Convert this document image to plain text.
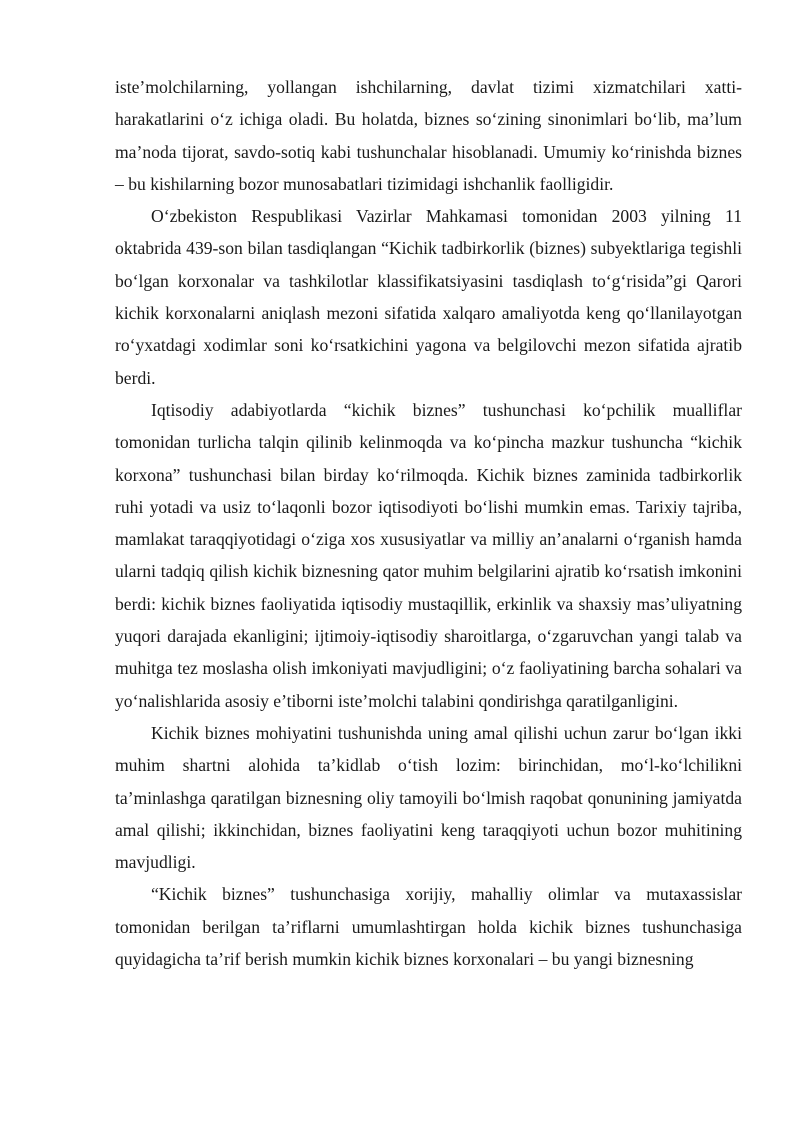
iste’molchilarning, yollangan ishchilarning, davlat tizimi xizmatchilari xatti-harakatlarini o‘z ichiga oladi. Bu holatda, biznes so‘zining sinonimlari bo‘lib, ma’lum ma’noda tijorat, savdo-sotiq kabi tushunchalar hisoblanadi. Umumiy ko‘rinishda biznes – bu kishilarning bozor munosabatlari tizimidagi ishchanlik faolligidir.

O‘zbekiston Respublikasi Vazirlar Mahkamasi tomonidan 2003 yilning 11 oktabrida 439-son bilan tasdiqlangan “Kichik tadbirkorlik (biznes) subyektlariga tegishli bo‘lgan korxonalar va tashkilotlar klassifikatsiyasini tasdiqlash to‘g‘risida”gi Qarori kichik korxonalarni aniqlash mezoni sifatida xalqaro amaliyotda keng qo‘llanilayotgan ro‘yxatdagi xodimlar soni ko‘rsatkichini yagona va belgilovchi mezon sifatida ajratib berdi.

Iqtisodiy adabiyotlarda “kichik biznes” tushunchasi ko‘pchilik mualliflar tomonidan turlicha talqin qilinib kelinmoqda va ko‘pincha mazkur tushuncha “kichik korxona” tushunchasi bilan birday ko‘rilmoqda. Kichik biznes zaminida tadbirkorlik ruhi yotadi va usiz to‘laqonli bozor iqtisodiyoti bo‘lishi mumkin emas. Tarixiy tajriba, mamlakat taraqqiyotidagi o‘ziga xos xususiyatlar va milliy an’analarni o‘rganish hamda ularni tadqiq qilish kichik biznesning qator muhim belgilarini ajratib ko‘rsatish imkonini berdi: kichik biznes faoliyatida iqtisodiy mustaqillik, erkinlik va shaxsiy mas’uliyatning yuqori darajada ekanligini; ijtimoiy-iqtisodiy sharoitlarga, o‘zgaruvchan yangi talab va muhitga tez moslasha olish imkoniyati mavjudligini; o‘z faoliyatining barcha sohalari va yo‘nalishlarida asosiy e’tiborni iste’molchi talabini qondirishga qaratilganligini.

Kichik biznes mohiyatini tushunishda uning amal qilishi uchun zarur bo‘lgan ikki muhim shartni alohida ta’kidlab o‘tish lozim: birinchidan, mo‘l-ko‘lchilikni ta’minlashga qaratilgan biznesning oliy tamoyili bo‘lmish raqobat qonunining jamiyatda amal qilishi; ikkinchidan, biznes faoliyatini keng taraqqiyoti uchun bozor muhitining mavjudligi.

“Kichik biznes” tushunchasiga xorijiy, mahalliy olimlar va mutaxassislar tomonidan berilgan ta’riflarni umumlashtirgan holda kichik biznes tushunchasiga quyidagicha ta’rif berish mumkin kichik biznes korxonalari – bu yangi biznesning
